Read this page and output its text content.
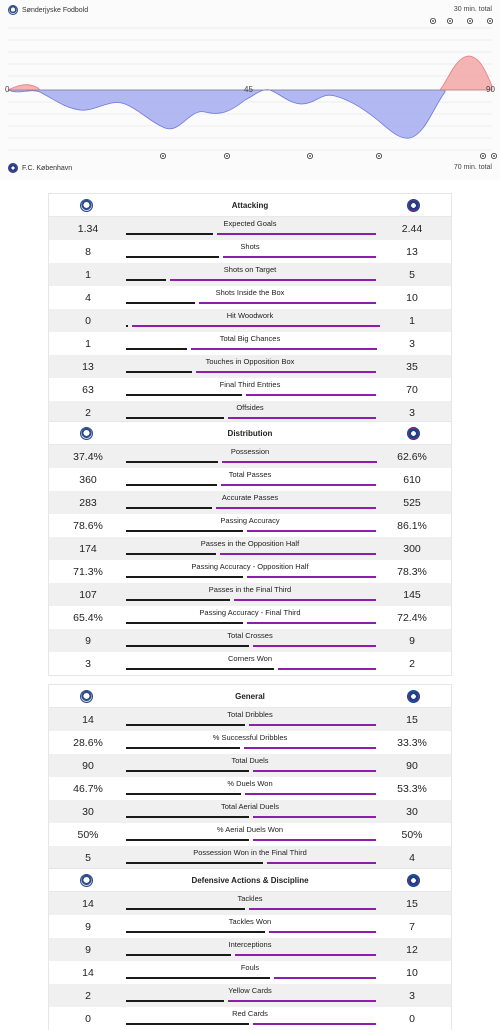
Sønderjyske Fodbold	30 min. total
0	45	90
F.C. København	70 min. total
Attacking
1.34	Expected Goals	2.44
8	Shots	13
1	Shots on Target	5
4	Shots Inside the Box	10
0	Hit Woodwork	1
1	Total Big Chances	3
13	Touches in Opposition Box	35
63	Final Third Entries	70
2	Offsides	3
Distribution
37.4%	Possession	62.6%
360	Total Passes	610
283	Accurate Passes	525
78.6%	Passing Accuracy	86.1%
174	Passes in the Opposition Half	300
71.3%	Passing Accuracy - Opposition Half	78.3%
107	Passes in the Final Third	145
65.4%	Passing Accuracy - Final Third	72.4%
9	Total Crosses	9
3	Corners Won	2
General
14	Total Dribbles	15
28.6%	% Successful Dribbles	33.3%
90	Total Duels	90
46.7%	% Duels Won	53.3%
30	Total Aerial Duels	30
50%	% Aerial Duels Won	50%
5	Possession Won in the Final Third	4
Defensive Actions & Discipline
14	Tackles	15
9	Tackles Won	7
9	Interceptions	12
14	Fouls	10
2	Yellow Cards	3
0	Red Cards	0
